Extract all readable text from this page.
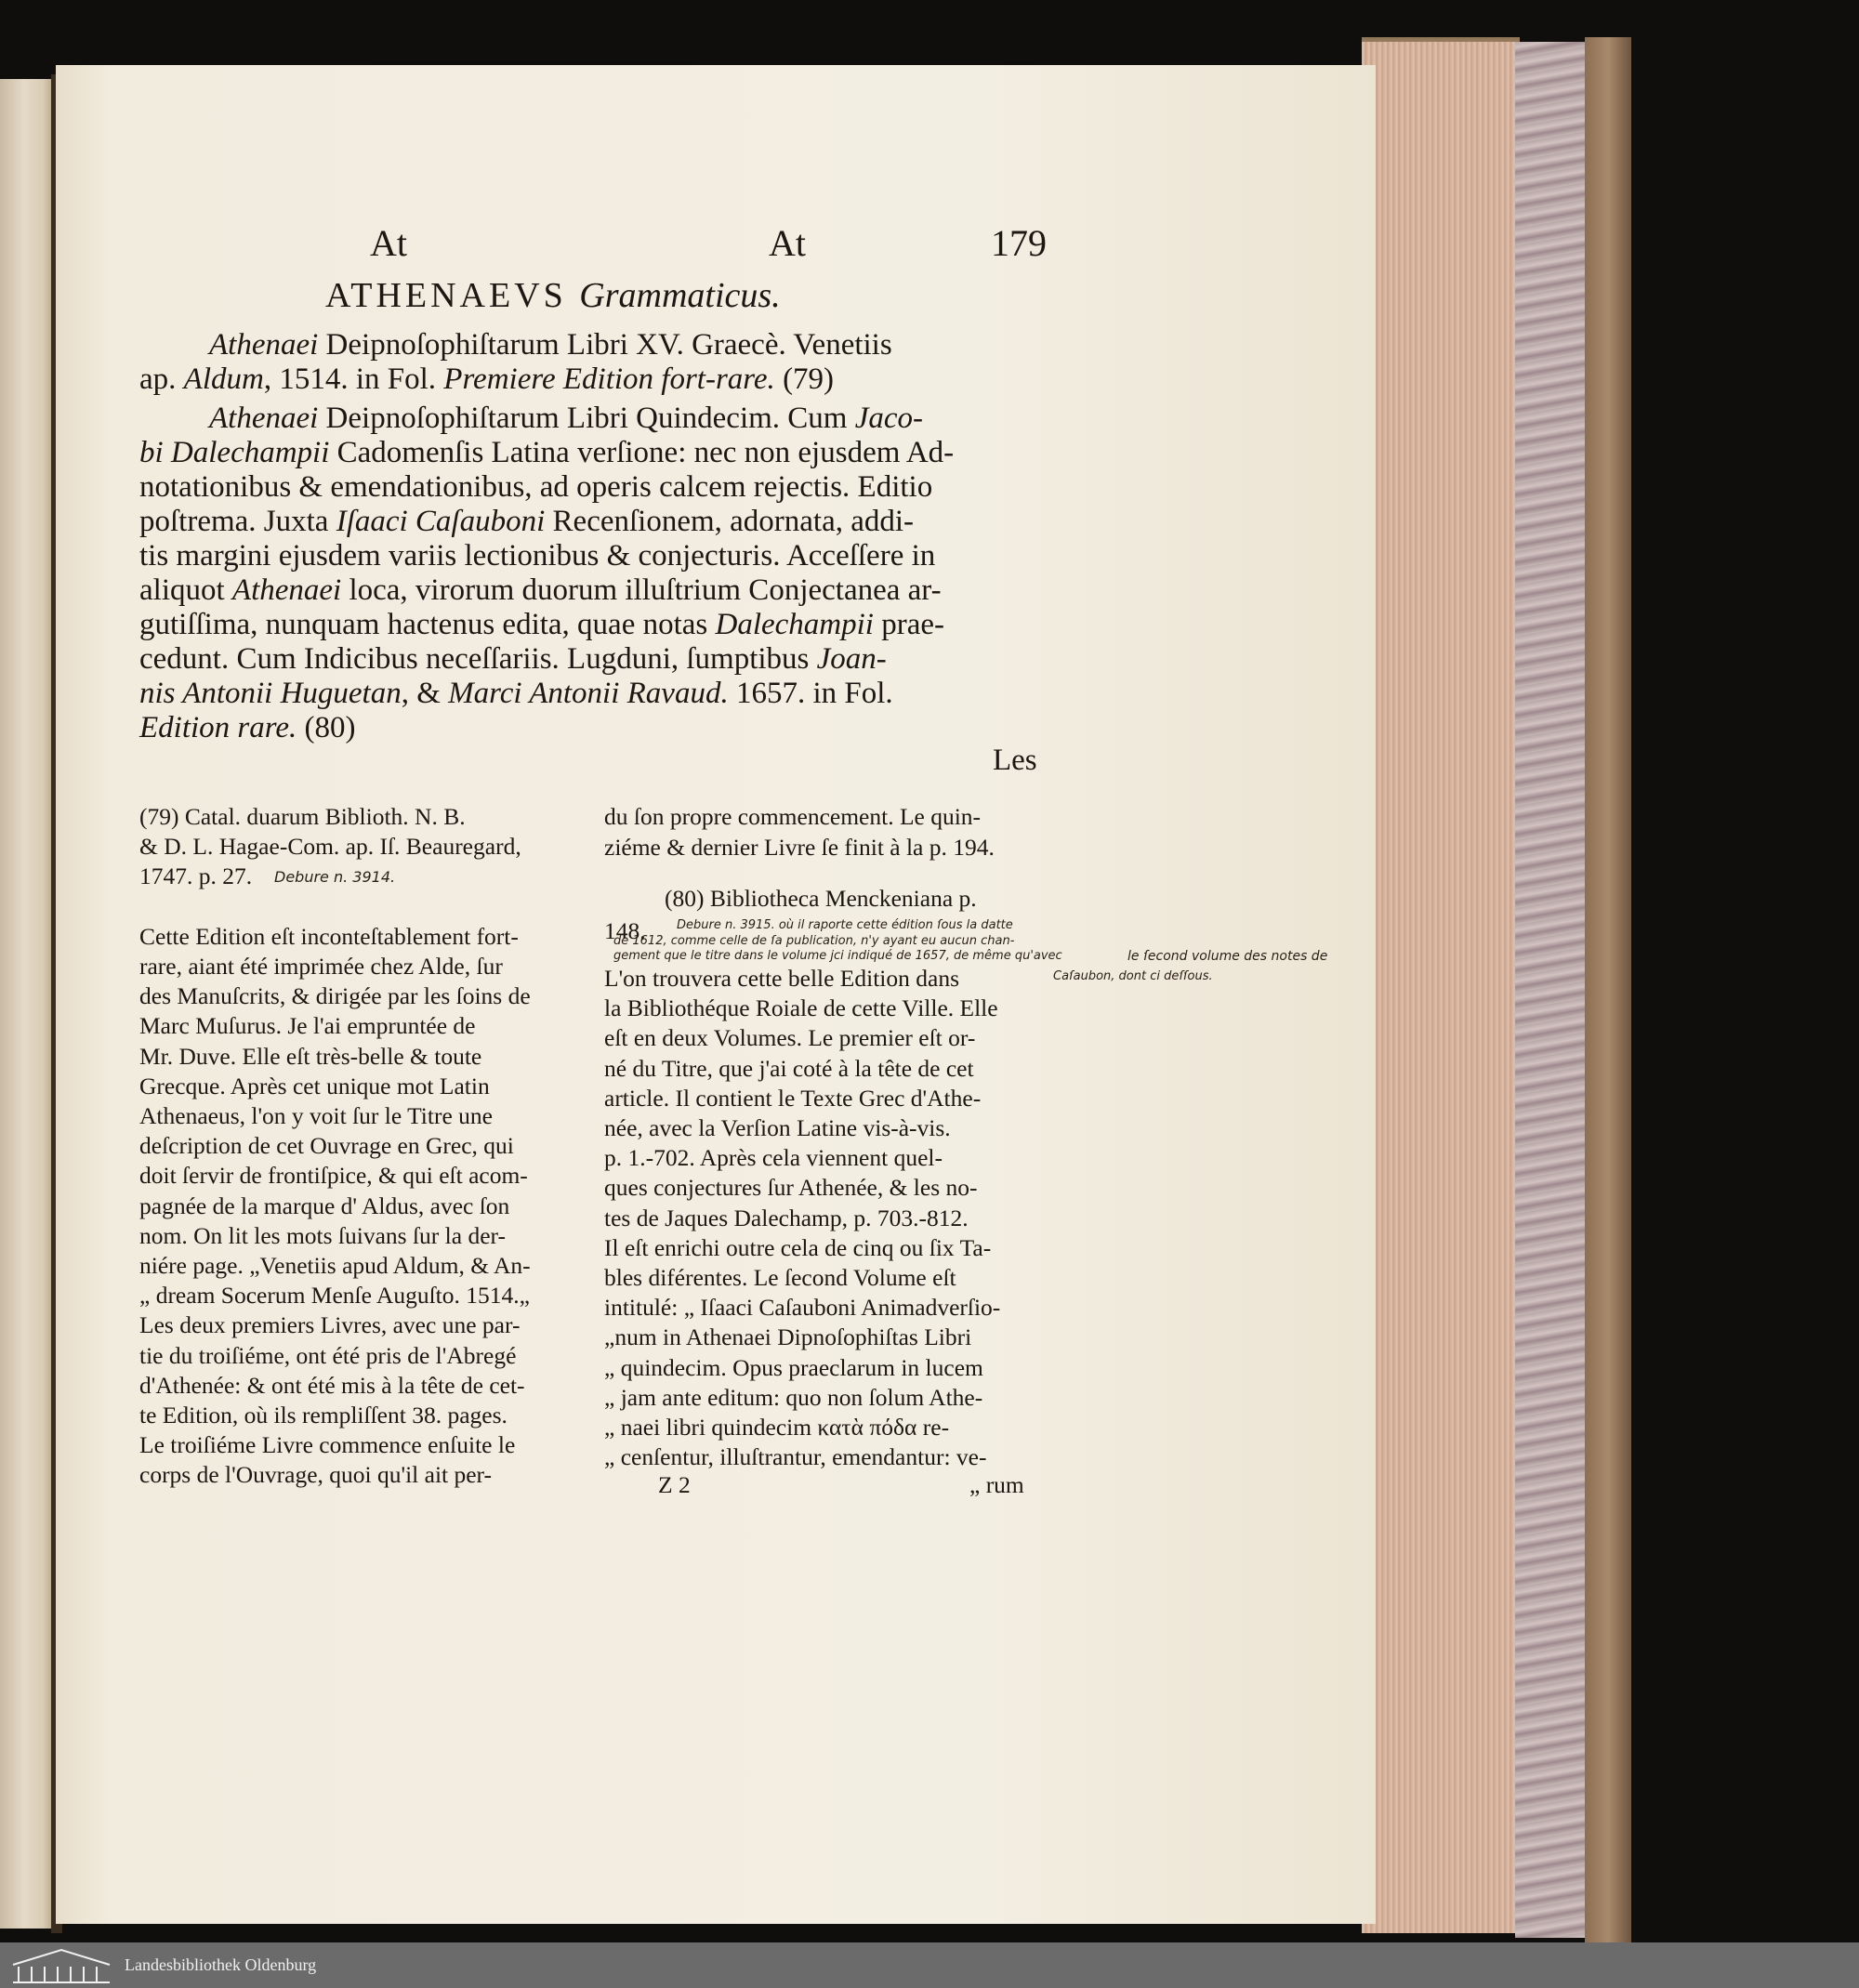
At	At	179
ATHENAEVS Grammaticus.
Athenaei Deipnoſophiſtarum Libri XV. Graecè. Venetiis
ap. Aldum, 1514. in Fol. Premiere Edition fort-rare. (79)
Athenaei Deipnoſophiſtarum Libri Quindecim. Cum Jaco-
bi Dalechampii Cadomenſis Latina verſione: nec non ejusdem Ad-
notationibus & emendationibus, ad operis calcem rejectis. Editio
poſtrema. Juxta Iſaaci Caſauboni Recenſionem, adornata, addi-
tis margini ejusdem variis lectionibus & conjecturis. Acceſſere in
aliquot Athenaei loca, virorum duorum illuſtrium Conjectanea ar-
gutiſſima, nunquam hactenus edita, quae notas Dalechampii prae-
cedunt. Cum Indicibus neceſſariis. Lugduni, ſumptibus Joan-
nis Antonii Huguetan, & Marci Antonii Ravaud. 1657. in Fol.
Edition rare. (80)
Les
(79) Catal. duarum Biblioth. N. B.
& D. L. Hagae-Com. ap. Iſ. Beauregard,
1747. p. 27.
Cette Edition eſt inconteſtablement fort-
rare, aiant été imprimée chez Alde, ſur
des Manuſcrits, & dirigée par les ſoins de
Marc Muſurus. Je l'ai empruntée de
Mr. Duve. Elle eſt très-belle & toute
Grecque. Après cet unique mot Latin
Athenaeus, l'on y voit ſur le Titre une
deſcription de cet Ouvrage en Grec, qui
doit ſervir de frontiſpice, & qui eſt acom-
pagnée de la marque d' Aldus, avec ſon
nom. On lit les mots ſuivans ſur la der-
niére page. „Venetiis apud Aldum, & An-
„ dream Socerum Menſe Auguſto. 1514.„
Les deux premiers Livres, avec une par-
tie du troiſiéme, ont été pris de l'Abregé
d'Athenée: & ont été mis à la tête de cet-
te Edition, où ils rempliſſent 38. pages.
Le troiſiéme Livre commence enſuite le
corps de l'Ouvrage, quoi qu'il ait per-
Debure n. 3914.
du ſon propre commencement. Le quin-
ziéme & dernier Livre ſe finit à la p. 194.
(80) Bibliotheca Menckeniana p.
148.	Debure n. 3915. où il raporte cette édition ſous la datte
de 1612, comme celle de ſa publication, n'y ayant eu aucun chan-
gement que le titre dans le volume jci indiqué de 1657, de même qu'avec	le ſecond volume des notes de
Caſaubon, dont ci deſſous.
L'on trouvera cette belle Edition dans
la Bibliothéque Roiale de cette Ville. Elle
eſt en deux Volumes. Le premier eſt or-
né du Titre, que j'ai coté à la tête de cet
article. Il contient le Texte Grec d'Athe-
née, avec la Verſion Latine vis-à-vis.
p. 1.-702. Après cela viennent quel-
ques conjectures ſur Athenée, & les no-
tes de Jaques Dalechamp, p. 703.-812.
Il eſt enrichi outre cela de cinq ou ſix Ta-
bles diférentes. Le ſecond Volume eſt
intitulé: „ Iſaaci Caſauboni Animadverſio-
„num in Athenaei Dipnoſophiſtas Libri
„ quindecim. Opus praeclarum in lucem
„ jam ante editum: quo non ſolum Athe-
„ naei libri quindecim κατὰ πόδα re-
„ cenſentur, illuſtrantur, emendantur: ve-
Z 2	„ rum
Landesbibliothek Oldenburg
